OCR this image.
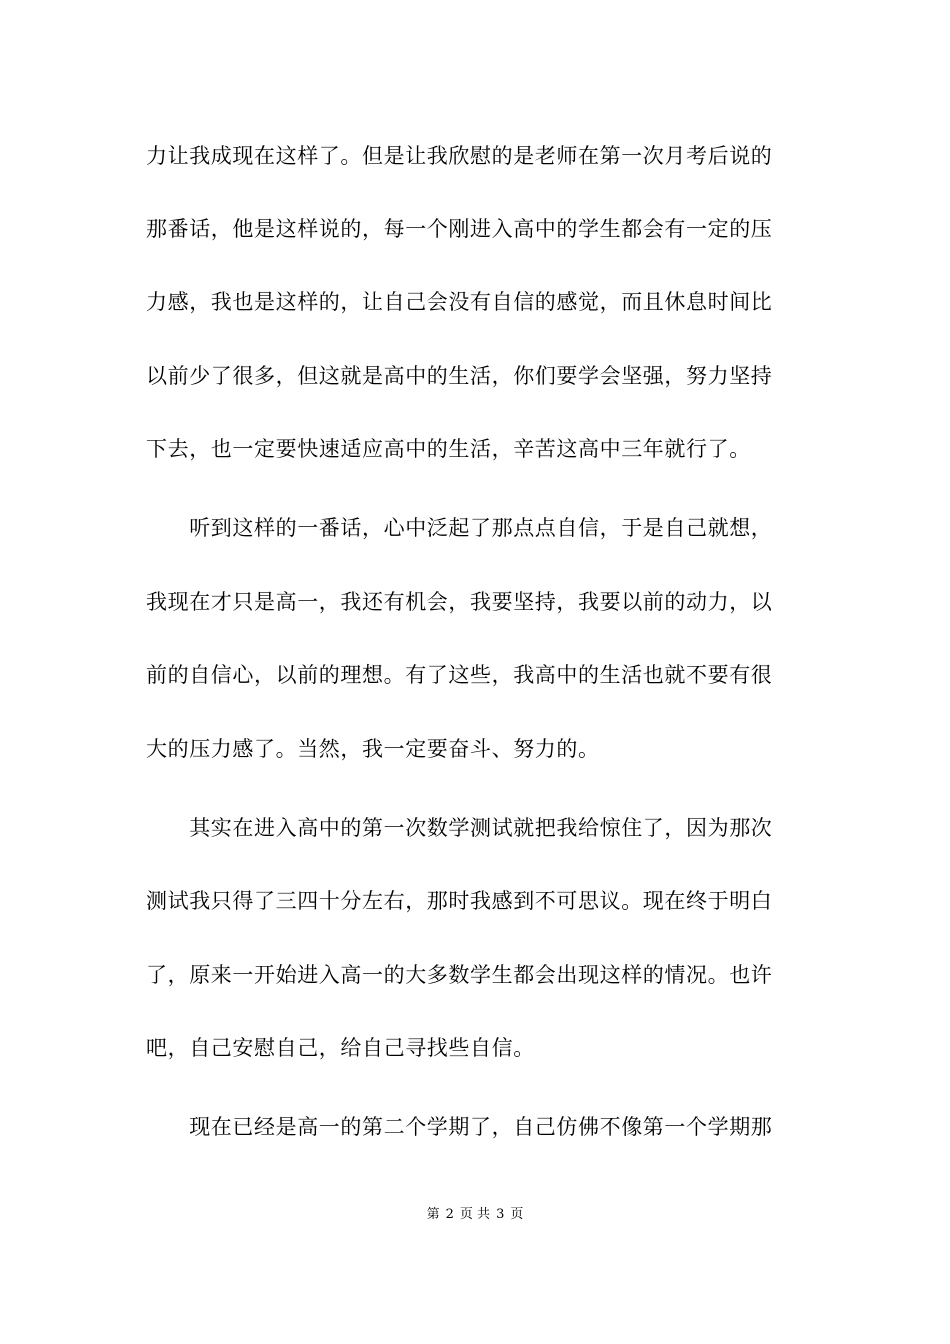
力让我成现在这样了。但是让我欣慰的是老师在第一次月考后说的
那番话，他是这样说的，每一个刚进入高中的学生都会有一定的压
力感，我也是这样的，让自己会没有自信的感觉，而且休息时间比
以前少了很多，但这就是高中的生活，你们要学会坚强，努力坚持
下去，也一定要快速适应高中的生活，辛苦这高中三年就行了。
　　听到这样的一番话，心中泛起了那点点自信，于是自己就想，
我现在才只是高一，我还有机会，我要坚持，我要以前的动力，以
前的自信心，以前的理想。有了这些，我高中的生活也就不要有很
大的压力感了。当然，我一定要奋斗、努力的。
　　其实在进入高中的第一次数学测试就把我给惊住了，因为那次
测试我只得了三四十分左右，那时我感到不可思议。现在终于明白
了，原来一开始进入高一的大多数学生都会出现这样的情况。也许
吧，自己安慰自己，给自己寻找些自信。
　　现在已经是高一的第二个学期了，自己仿佛不像第一个学期那
第 2 页 共 3 页
